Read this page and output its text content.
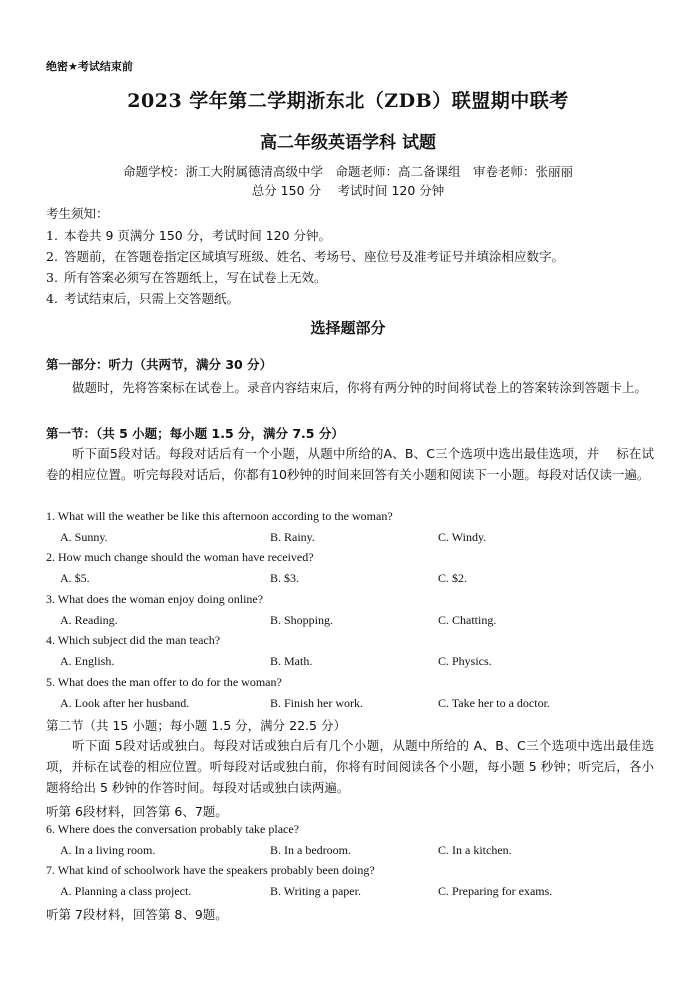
绝密★考试结束前
2023 学年第二学期浙东北（ZDB）联盟期中联考
高二年级英语学科 试题
命题学校：浙工大附属德清高级中学　命题老师：高二备课组　审卷老师：张丽丽
总分 150 分　 考试时间 120 分钟
考生须知：
1. 本卷共 9 页满分 150 分，考试时间 120 分钟。
2. 答题前，在答题卷指定区域填写班级、姓名、考场号、座位号及准考证号并填涂相应数字。
3. 所有答案必须写在答题纸上，写在试卷上无效。
4. 考试结束后，只需上交答题纸。
选择题部分
第一部分：听力（共两节，满分 30 分）
做题时，先将答案标在试卷上。录音内容结束后，你将有两分钟的时间将试卷上的答案转涂到答题卡上。
第一节：（共 5 小题；每小题 1.5 分，满分 7.5 分）
听下面5段对话。每段对话后有一个小题，从题中所给的A、B、C三个选项中选出最佳选项，并　 标在试卷的相应位置。听完每段对话后，你都有10秒钟的时间来回答有关小题和阅读下一小题。每段对话仅读一遍。
1. What will the weather be like this afternoon according to the woman?
A. Sunny.	B. Rainy.	C. Windy.
2. How much change should the woman have received?
A. $5.	B. $3.	C. $2.
3. What does the woman enjoy doing online?
A. Reading.	B. Shopping.	C. Chatting.
4. Which subject did the man teach?
A. English.	B. Math.	C. Physics.
5. What does the man offer to do for the woman?
A. Look after her husband.	B. Finish her work.	C. Take her to a doctor.
第二节（共 15 小题；每小题 1.5 分，满分 22.5 分）
听下面 5段对话或独白。每段对话或独白后有几个小题，从题中所给的 A、B、C三个选项中选出最佳选项，并标在试卷的相应位置。听每段对话或独白前，你将有时间阅读各个小题，每小题 5 秒钟；听完后，各小题将给出 5 秒钟的作答时间。每段对话或独白读两遍。
听第 6段材料，回答第 6、7题。
6. Where does the conversation probably take place?
A. In a living room.	B. In a bedroom.	C. In a kitchen.
7. What kind of schoolwork have the speakers probably been doing?
A. Planning a class project.	B. Writing a paper.	C. Preparing for exams.
听第 7段材料，回答第 8、9题。
